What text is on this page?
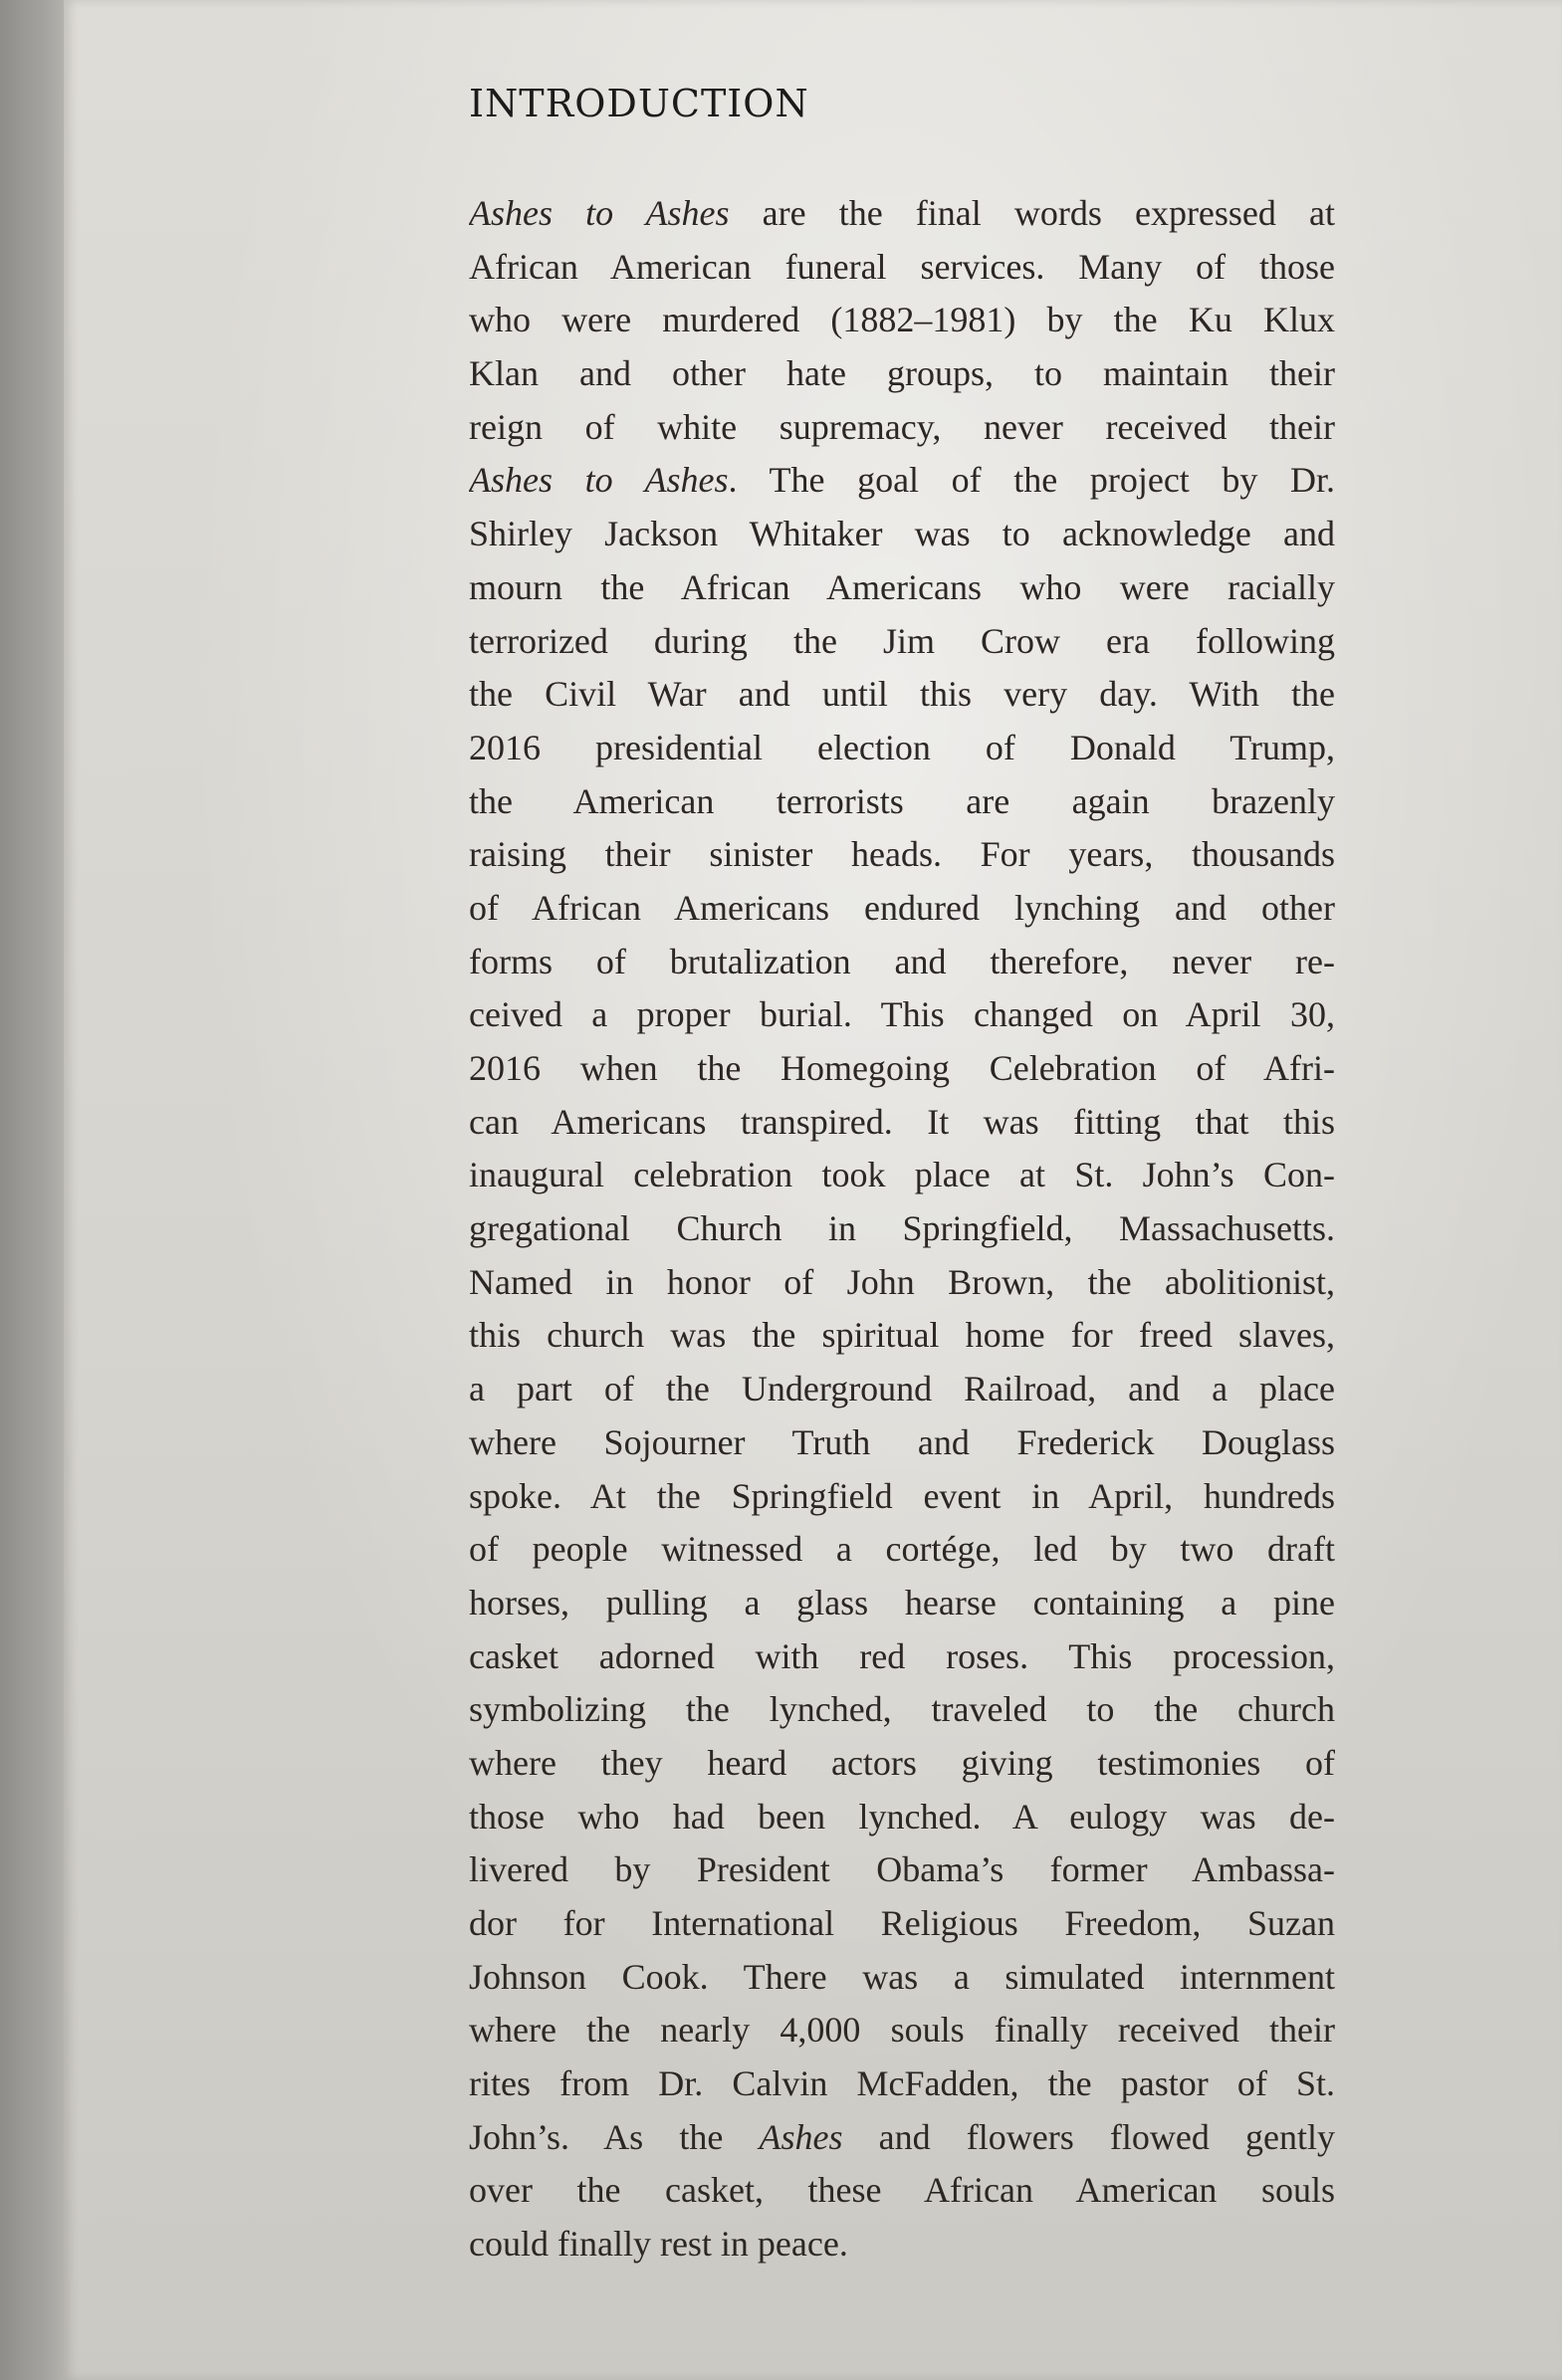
INTRODUCTION
Ashes to Ashes are the final words expressed at
African American funeral services. Many of those
who were murdered (1882–1981) by the Ku Klux
Klan and other hate groups, to maintain their
reign of white supremacy, never received their
Ashes to Ashes. The goal of the project by Dr.
Shirley Jackson Whitaker was to acknowledge and
mourn the African Americans who were racially
terrorized during the Jim Crow era following
the Civil War and until this very day. With the
2016 presidential election of Donald Trump,
the American terrorists are again brazenly
raising their sinister heads. For years, thousands
of African Americans endured lynching and other
forms of brutalization and therefore, never re-
ceived a proper burial. This changed on April 30,
2016 when the Homegoing Celebration of Afri-
can Americans transpired. It was fitting that this
inaugural celebration took place at St. John’s Con-
gregational Church in Springfield, Massachusetts.
Named in honor of John Brown, the abolitionist,
this church was the spiritual home for freed slaves,
a part of the Underground Railroad, and a place
where Sojourner Truth and Frederick Douglass
spoke. At the Springfield event in April, hundreds
of people witnessed a cortége, led by two draft
horses, pulling a glass hearse containing a pine
casket adorned with red roses. This procession,
symbolizing the lynched, traveled to the church
where they heard actors giving testimonies of
those who had been lynched. A eulogy was de-
livered by President Obama’s former Ambassa-
dor for International Religious Freedom, Suzan
Johnson Cook. There was a simulated internment
where the nearly 4,000 souls finally received their
rites from Dr. Calvin McFadden, the pastor of St.
John’s. As the Ashes and flowers flowed gently
over the casket, these African American souls
could finally rest in peace.
